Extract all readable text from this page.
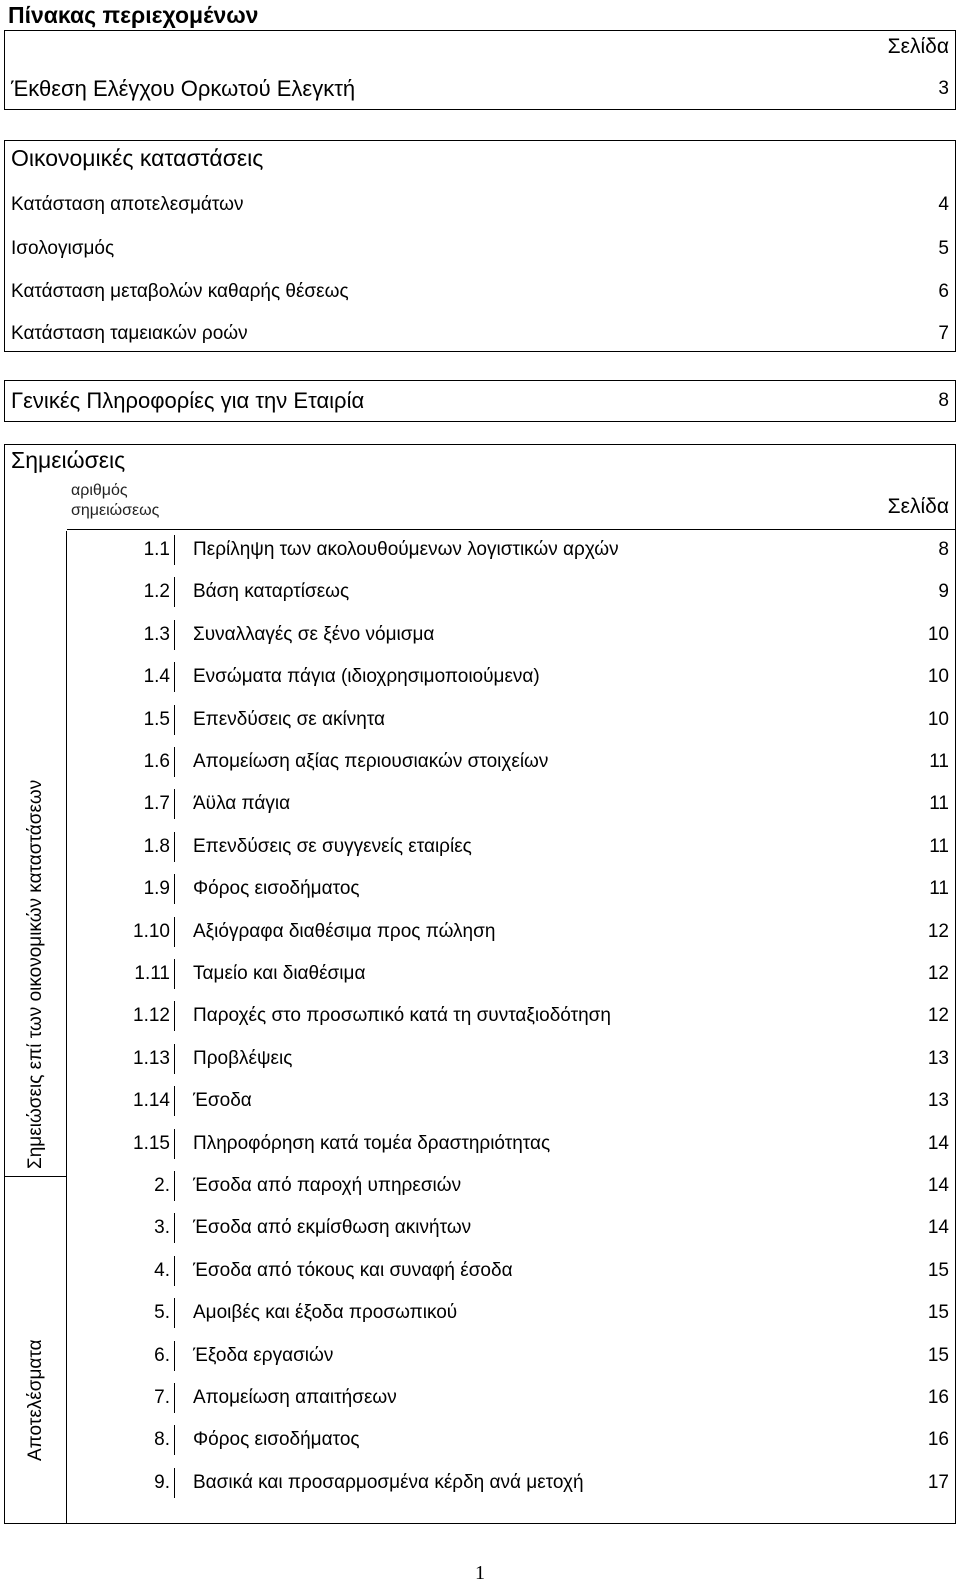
Πίνακας περιεχομένων
Σελίδα
Έκθεση Ελέγχου Ορκωτού Ελεγκτή	3
Οικονομικές καταστάσεις
Κατάσταση αποτελεσμάτων	4
Ισολογισμός	5
Κατάσταση μεταβολών καθαρής θέσεως	6
Κατάσταση ταμειακών ροών	7
Γενικές Πληροφορίες για την Εταιρία	8
Σημειώσεις
αριθμός σημειώσεως	Σελίδα
Σημειώσεις επί των οικονομικών καταστάσεων
Αποτελέσματα
1.1 Περίληψη των ακολουθούμενων λογιστικών αρχών	8
1.2 Βάση καταρτίσεως	9
1.3 Συναλλαγές σε ξένο νόμισμα	10
1.4 Ενσώματα πάγια (ιδιοχρησιμοποιούμενα)	10
1.5 Επενδύσεις σε ακίνητα	10
1.6 Απομείωση αξίας περιουσιακών στοιχείων	11
1.7 Άϋλα πάγια	11
1.8 Επενδύσεις σε συγγενείς εταιρίες	11
1.9 Φόρος εισοδήματος	11
1.10 Αξιόγραφα διαθέσιμα προς πώληση	12
1.11 Ταμείο και διαθέσιμα	12
1.12 Παροχές στο προσωπικό κατά τη συνταξιοδότηση	12
1.13 Προβλέψεις	13
1.14 Έσοδα	13
1.15 Πληροφόρηση κατά τομέα δραστηριότητας	14
2. Έσοδα από παροχή υπηρεσιών	14
3. Έσοδα από εκμίσθωση ακινήτων	14
4. Έσοδα από τόκους και συναφή έσοδα	15
5. Αμοιβές και έξοδα προσωπικού	15
6. Έξοδα εργασιών	15
7. Απομείωση απαιτήσεων	16
8. Φόρος εισοδήματος	16
9. Βασικά και προσαρμοσμένα κέρδη ανά μετοχή	17
1
